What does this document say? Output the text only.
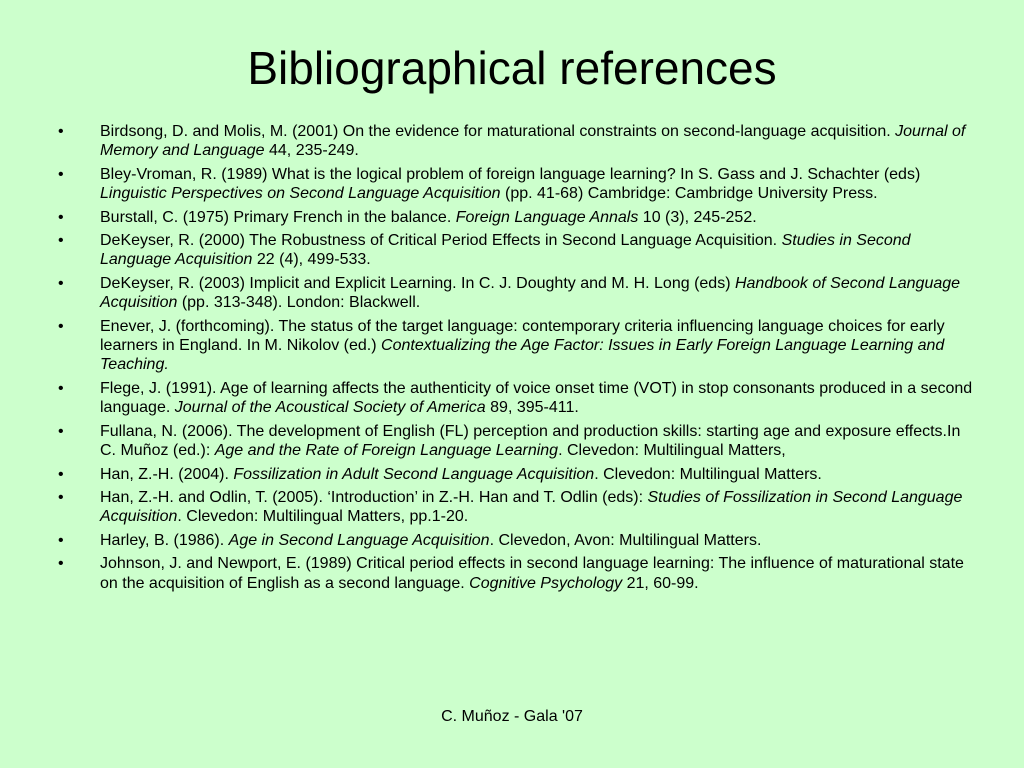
Bibliographical references
• Birdsong, D. and Molis, M. (2001) On the evidence for maturational constraints on second-language acquisition. Journal of Memory and Language 44, 235-249.
• Bley-Vroman, R. (1989) What is the logical problem of foreign language learning? In S. Gass and J. Schachter (eds) Linguistic Perspectives on Second Language Acquisition (pp. 41-68) Cambridge: Cambridge University Press.
• Burstall, C. (1975) Primary French in the balance. Foreign Language Annals 10 (3), 245-252.
• DeKeyser, R. (2000) The Robustness of Critical Period Effects in Second Language Acquisition. Studies in Second Language Acquisition 22 (4), 499-533.
• DeKeyser, R. (2003) Implicit and Explicit Learning. In C. J. Doughty and M. H. Long (eds) Handbook of Second Language Acquisition (pp. 313-348). London: Blackwell.
• Enever, J. (forthcoming). The status of the target language: contemporary criteria influencing language choices for early learners in England. In M. Nikolov (ed.) Contextualizing the Age Factor: Issues in Early Foreign Language Learning and Teaching.
• Flege, J. (1991). Age of learning affects the authenticity of voice onset time (VOT) in stop consonants produced in a second language. Journal of the Acoustical Society of America 89, 395-411.
• Fullana, N. (2006). The development of English (FL) perception and production skills: starting age and exposure effects.In C. Muñoz (ed.): Age and the Rate of Foreign Language Learning. Clevedon: Multilingual Matters,
• Han, Z.-H. (2004). Fossilization in Adult Second Language Acquisition. Clevedon: Multilingual Matters.
• Han, Z.-H. and Odlin, T. (2005). ‘Introduction’ in Z.-H. Han and T. Odlin (eds): Studies of Fossilization in Second Language Acquisition. Clevedon: Multilingual Matters, pp.1-20.
• Harley, B. (1986). Age in Second Language Acquisition. Clevedon, Avon: Multilingual Matters.
• Johnson, J. and Newport, E. (1989) Critical period effects in second language learning: The influence of maturational state on the acquisition of English as a second language. Cognitive Psychology 21, 60-99.
C. Muñoz - Gala '07
